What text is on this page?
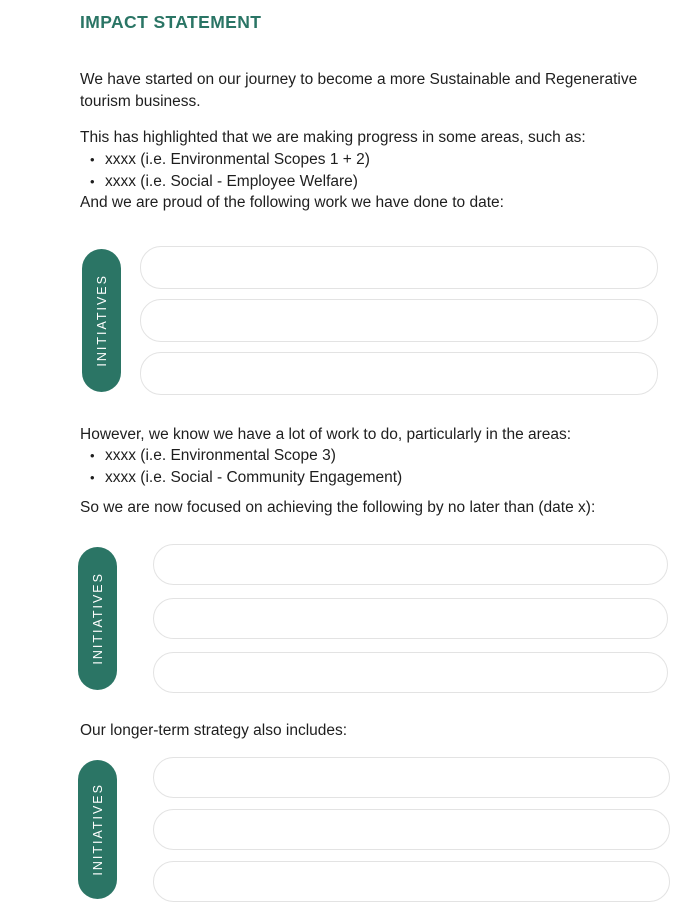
IMPACT STATEMENT

We have started on our journey to become a more Sustainable and Regenerative tourism business.

This has highlighted that we are making progress in some areas, such as:

• xxxx (i.e. Environmental Scopes 1 + 2)
• xxxx (i.e. Social - Employee Welfare)

And we are proud of the following work we have done to date:

INITIATIVES

However, we know we have a lot of work to do, particularly in the areas:

• xxxx (i.e. Environmental Scope 3)
• xxxx (i.e. Social - Community Engagement)

So we are now focused on achieving the following by no later than (date x):

INITIATIVES

Our longer-term strategy also includes:

INITIATIVES
